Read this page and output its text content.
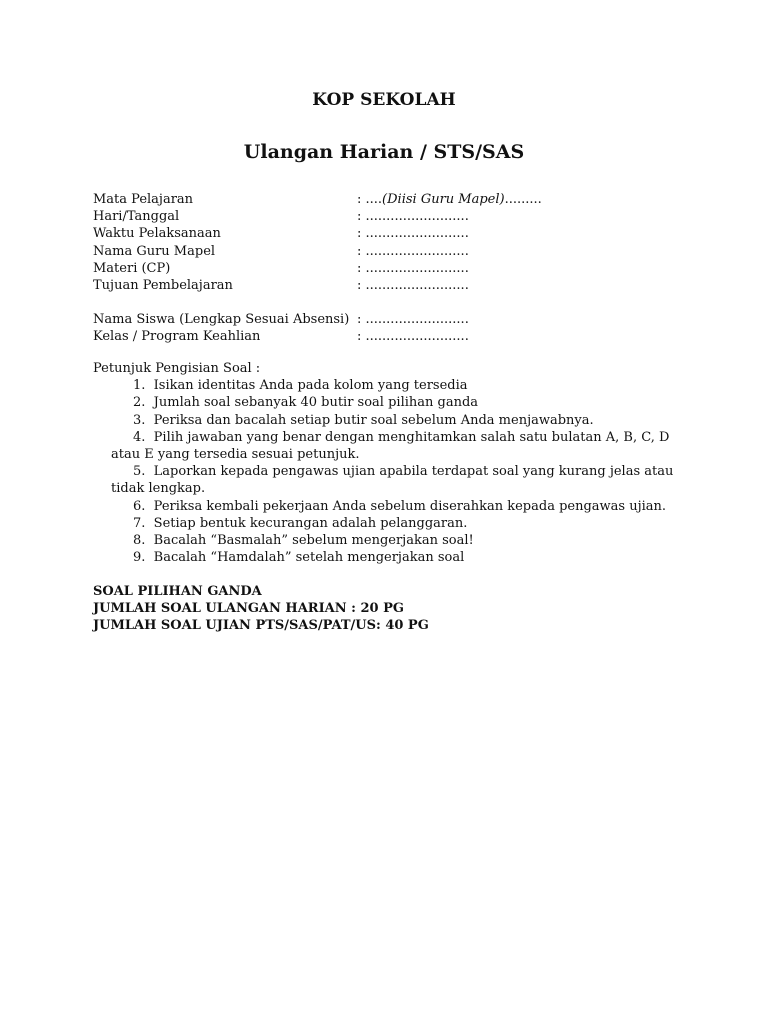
KOP SEKOLAH
Ulangan Harian / STS/SAS
Mata Pelajaran	: ....(Diisi Guru Mapel).........
Hari/Tanggal	: .........................
Waktu Pelaksanaan	: .........................
Nama Guru Mapel	: .........................
Materi (CP)	: .........................
Tujuan Pembelajaran	: .........................
Nama Siswa (Lengkap Sesuai Absensi) : .........................
Kelas / Program Keahlian	: .........................
Petunjuk Pengisian Soal :
1. Isikan identitas Anda pada kolom yang tersedia
2. Jumlah soal sebanyak 40 butir soal pilihan ganda
3. Periksa dan bacalah setiap butir soal sebelum Anda menjawabnya.
4. Pilih jawaban yang benar dengan menghitamkan salah satu bulatan A, B, C, D atau E yang tersedia sesuai petunjuk.
5. Laporkan kepada pengawas ujian apabila terdapat soal yang kurang jelas atau tidak lengkap.
6. Periksa kembali pekerjaan Anda sebelum diserahkan kepada pengawas ujian.
7. Setiap bentuk kecurangan adalah pelanggaran.
8. Bacalah “Basmalah” sebelum mengerjakan soal!
9. Bacalah “Hamdalah” setelah mengerjakan soal
SOAL PILIHAN GANDA
JUMLAH SOAL ULANGAN HARIAN : 20 PG
JUMLAH SOAL UJIAN PTS/SAS/PAT/US: 40 PG
